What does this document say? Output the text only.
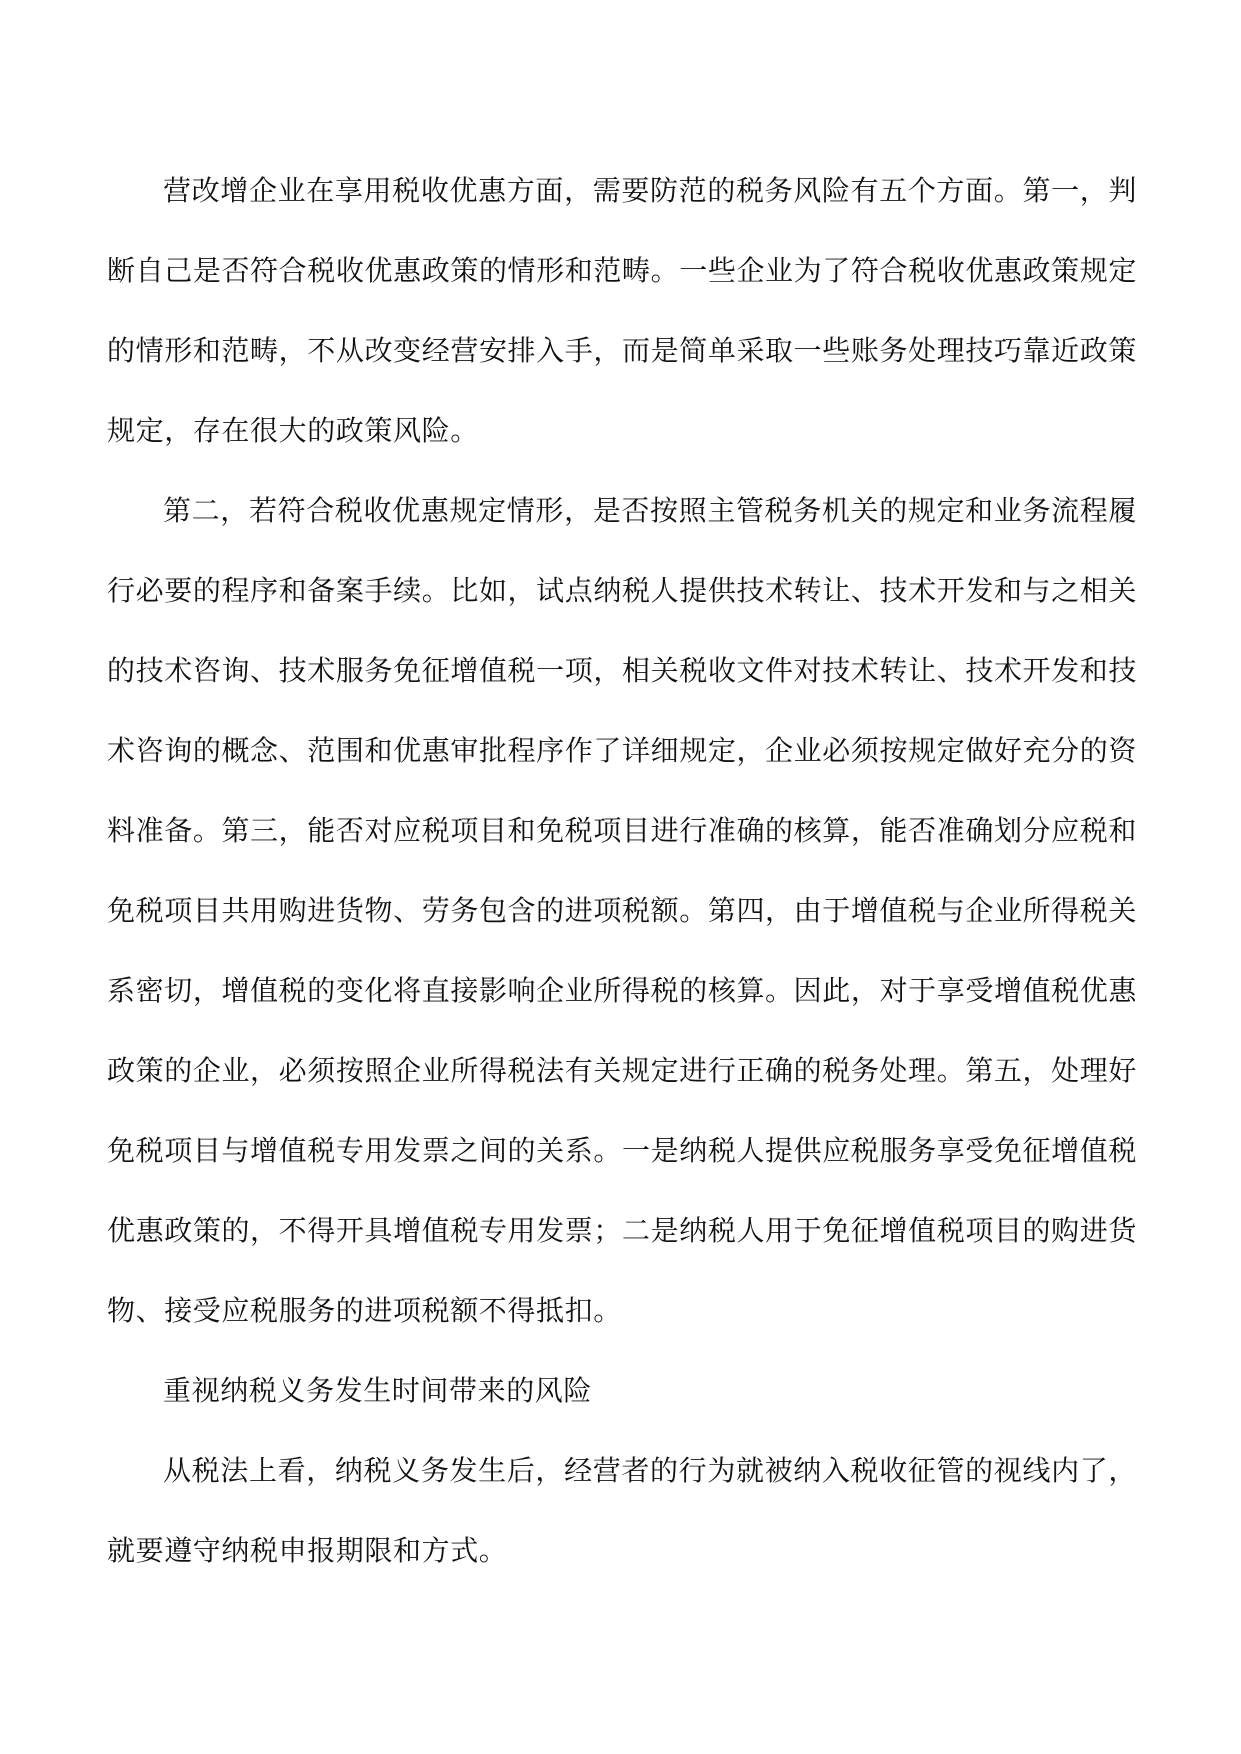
营改增企业在享用税收优惠方面，需要防范的税务风险有五个方面。第一，判断自己是否符合税收优惠政策的情形和范畴。一些企业为了符合税收优惠政策规定的情形和范畴，不从改变经营安排入手，而是简单采取一些账务处理技巧靠近政策规定，存在很大的政策风险。

第二，若符合税收优惠规定情形，是否按照主管税务机关的规定和业务流程履行必要的程序和备案手续。比如，试点纳税人提供技术转让、技术开发和与之相关的技术咨询、技术服务免征增值税一项，相关税收文件对技术转让、技术开发和技术咨询的概念、范围和优惠审批程序作了详细规定，企业必须按规定做好充分的资料准备。第三，能否对应税项目和免税项目进行准确的核算，能否准确划分应税和免税项目共用购进货物、劳务包含的进项税额。第四，由于增值税与企业所得税关系密切，增值税的变化将直接影响企业所得税的核算。因此，对于享受增值税优惠政策的企业，必须按照企业所得税法有关规定进行正确的税务处理。第五，处理好免税项目与增值税专用发票之间的关系。一是纳税人提供应税服务享受免征增值税优惠政策的，不得开具增值税专用发票；二是纳税人用于免征增值税项目的购进货物、接受应税服务的进项税额不得抵扣。

重视纳税义务发生时间带来的风险

从税法上看，纳税义务发生后，经营者的行为就被纳入税收征管的视线内了，就要遵守纳税申报期限和方式。
